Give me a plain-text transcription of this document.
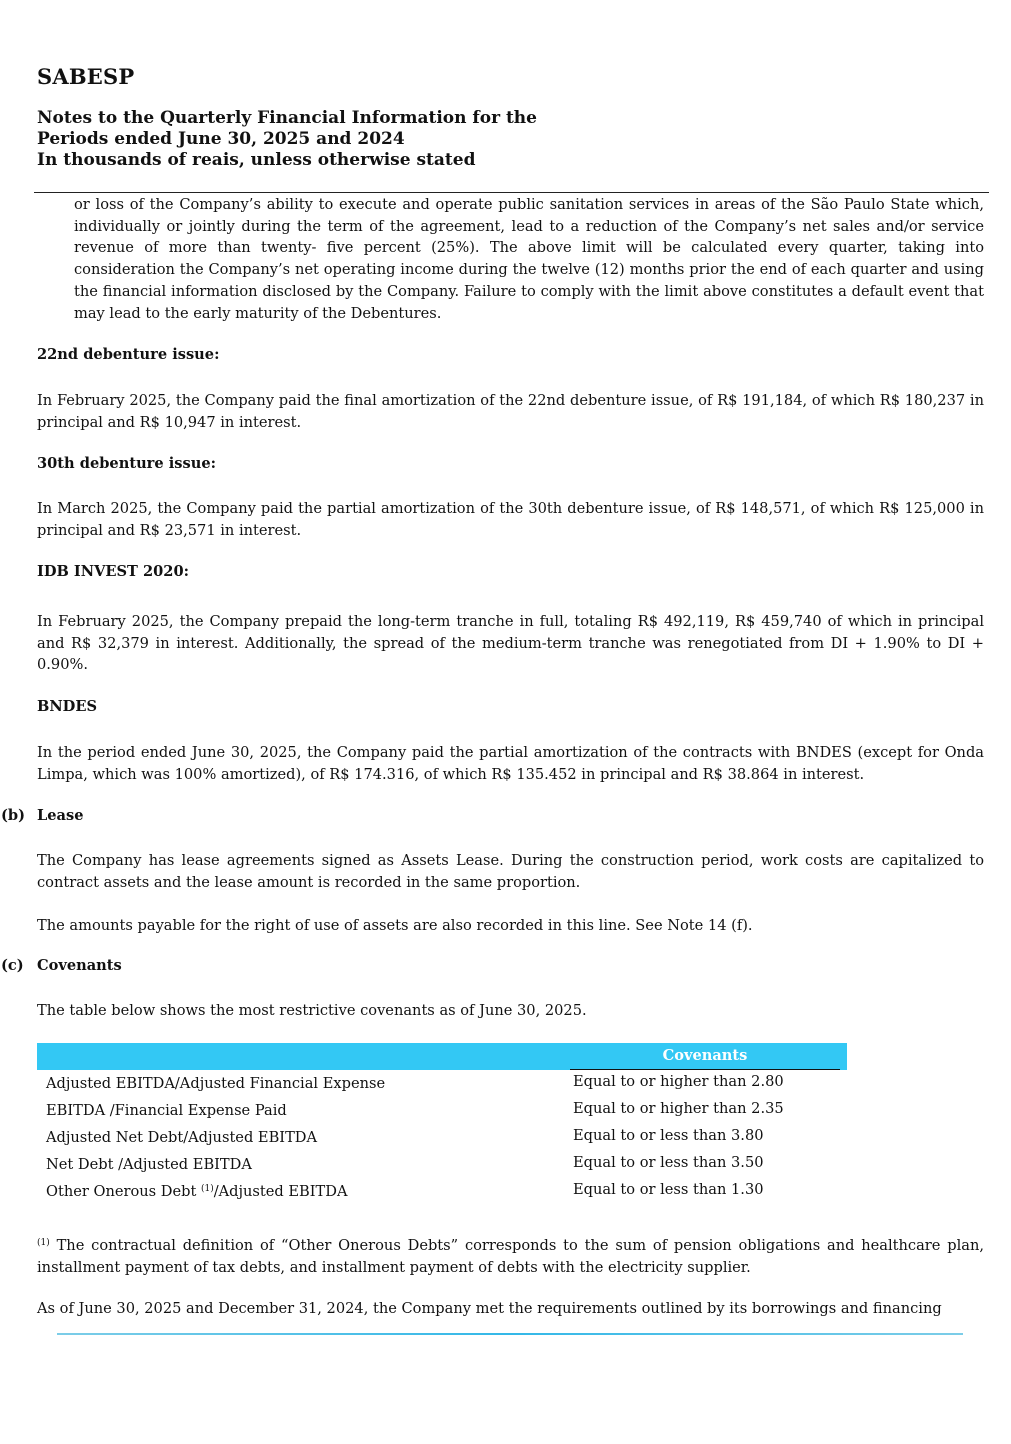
SABESP
Notes to the Quarterly Financial Information for the
Periods ended June 30, 2025 and 2024
In thousands of reais, unless otherwise stated

or loss of the Company’s ability to execute and operate public sanitation services in areas of the São Paulo State which, individually or jointly during the term of the agreement, lead to a reduction of the Company’s net sales and/or service revenue of more than twenty- five percent (25%). The above limit will be calculated every quarter, taking into consideration the Company’s net operating income during the twelve (12) months prior the end of each quarter and using the financial information disclosed by the Company. Failure to comply with the limit above constitutes a default event that may lead to the early maturity of the Debentures.

22nd debenture issue:

In February 2025, the Company paid the final amortization of the 22nd debenture issue, of R$ 191,184, of which R$ 180,237 in principal and R$ 10,947 in interest.

30th debenture issue:

In March 2025, the Company paid the partial amortization of the 30th debenture issue, of R$ 148,571, of which R$ 125,000 in principal and R$ 23,571 in interest.

IDB INVEST 2020:

In February 2025, the Company prepaid the long-term tranche in full, totaling R$ 492,119, R$ 459,740 of which in principal and R$ 32,379 in interest. Additionally, the spread of the medium-term tranche was renegotiated from DI + 1.90% to DI + 0.90%.

BNDES

In the period ended June 30, 2025, the Company paid the partial amortization of the contracts with BNDES (except for Onda Limpa, which was 100% amortized), of R$ 174.316, of which R$ 135.452 in principal and R$ 38.864 in interest.

(b) Lease

The Company has lease agreements signed as Assets Lease. During the construction period, work costs are capitalized to contract assets and the lease amount is recorded in the same proportion.

The amounts payable for the right of use of assets are also recorded in this line. See Note 14 (f).

(c) Covenants

The table below shows the most restrictive covenants as of June 30, 2025.

Covenants
Adjusted EBITDA/Adjusted Financial Expense	Equal to or higher than 2.80
EBITDA /Financial Expense Paid	Equal to or higher than 2.35
Adjusted Net Debt/Adjusted EBITDA	Equal to or less than 3.80
Net Debt /Adjusted EBITDA	Equal to or less than 3.50
Other Onerous Debt $^{(1)}$/Adjusted EBITDA	Equal to or less than 1.30

$^{(1)}$ The contractual definition of “Other Onerous Debts” corresponds to the sum of pension obligations and healthcare plan, installment payment of tax debts, and installment payment of debts with the electricity supplier.

As of June 30, 2025 and December 31, 2024, the Company met the requirements outlined by its borrowings and financing
